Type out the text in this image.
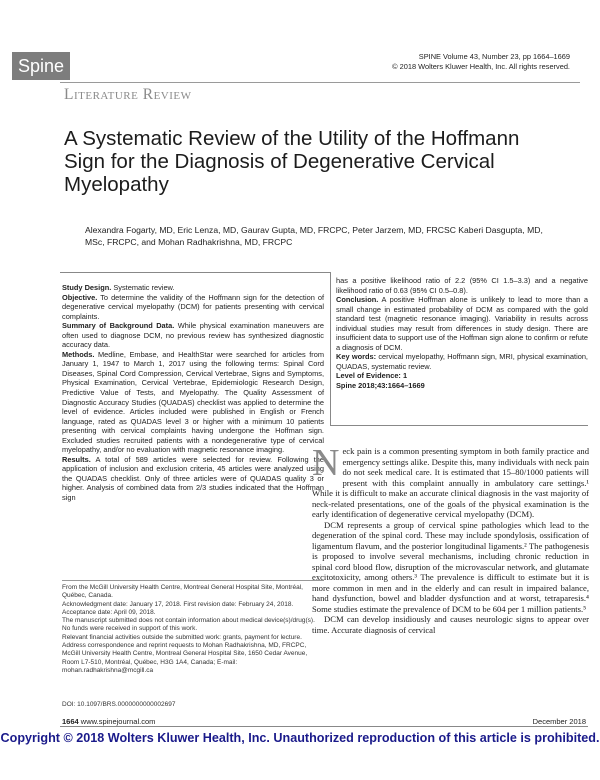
Spine	SPINE Volume 43, Number 23, pp 1664–1669
© 2018 Wolters Kluwer Health, Inc. All rights reserved.
Literature Review
A Systematic Review of the Utility of the Hoffmann Sign for the Diagnosis of Degenerative Cervical Myelopathy
Alexandra Fogarty, MD, Eric Lenza, MD, Gaurav Gupta, MD, FRCPC, Peter Jarzem, MD, FRCSC Kaberi Dasgupta, MD, MSc, FRCPC, and Mohan Radhakrishna, MD, FRCPC

Study Design. Systematic review.

Objective. To determine the validity of the Hoffmann sign for the detection of degenerative cervical myelopathy (DCM) for patients presenting with cervical complaints.

Summary of Background Data. While physical examination maneuvers are often used to diagnose DCM, no previous review has synthesized diagnostic accuracy data.

Methods. Medline, Embase, and HealthStar were searched for articles from January 1, 1947 to March 1, 2017 using the following terms: Spinal Cord Diseases, Spinal Cord Compression, Cervical Vertebrae, Signs and Symptoms, Physical Examination, Cervical Vertebrae, Epidemiologic Research Design, Predictive Value of Tests, and Myelopathy. The Quality Assessment of Diagnostic Accuracy Studies (QUADAS) checklist was applied to determine the level of evidence. Articles included were published in English or French language, rated as QUADAS level 3 or higher with a minimum 10 patients presenting with cervical complaints having undergone the Hoffman sign. Excluded studies recruited patients with a nondegenerative type of cervical myelopathy, and/or no evaluation with magnetic resonance imaging.

Results. A total of 589 articles were selected for review. Following the application of inclusion and exclusion criteria, 45 articles were analyzed using the QUADAS checklist. Only of three articles were of QUADAS quality 3 or higher. Analysis of combined data from 2/3 studies indicated that the Hoffman sign

has a positive likelihood ratio of 2.2 (95% CI 1.5–3.3) and a negative likelihood ratio of 0.63 (95% CI 0.5–0.8).

Conclusion. A positive Hoffman alone is unlikely to lead to more than a small change in estimated probability of DCM as compared with the gold standard test (magnetic resonance imaging). Variability in results across individual studies may result from differences in study design. There are insufficient data to support use of the Hoffman sign alone to confirm or refute a diagnosis of DCM.

Key words: cervical myelopathy, Hoffmann sign, MRI, physical examination, QUADAS, systematic review.

Level of Evidence: 1

Spine 2018;43:1664–1669

From the McGill University Health Centre, Montreal General Hospital Site, Montréal, Québec, Canada.

Acknowledgment date: January 17, 2018. First revision date: February 24, 2018. Acceptance date: April 09, 2018.

The manuscript submitted does not contain information about medical device(s)/drug(s).

No funds were received in support of this work.

Relevant financial activities outside the submitted work: grants, payment for lecture.

Address correspondence and reprint requests to Mohan Radhakrishna, MD, FRCPC, McGill University Health Centre, Montreal General Hospital Site, 1650 Cedar Avenue, Room L7-510, Montréal, Québec, H3G 1A4, Canada; E-mail: mohan.radhakrishna@mcgill.ca

Neck pain is a common presenting symptom in both family practice and emergency settings alike. Despite this, many individuals with neck pain do not seek medical care. It is estimated that 15–80/1000 patients will present with this complaint annually in ambulatory care settings.¹ While it is difficult to make an accurate clinical diagnosis in the vast majority of neck-related presentations, one of the goals of the physical examination is the early identification of degenerative cervical myelopathy (DCM).

DCM represents a group of cervical spine pathologies which lead to the degeneration of the spinal cord. These may include spondylosis, ossification of ligamentum flavum, and the posterior longitudinal ligaments.² The pathogenesis is proposed to involve several mechanisms, including chronic reduction in spinal cord blood flow, disruption of the microvascular network, and glutamate excitotoxicity, among others.³ The prevalence is difficult to estimate but it is more common in men and in the elderly and can result in impaired balance, hand dysfunction, bowel and bladder dysfunction and at worst, tetraparesis.⁴ Some studies estimate the prevalence of DCM to be 604 per 1 million patients.⁵

DCM can develop insidiously and causes neurologic signs to appear over time. Accurate diagnosis of cervical

DOI: 10.1097/BRS.0000000000002697
1664 www.spinejournal.com	December 2018
Copyright © 2018 Wolters Kluwer Health, Inc. Unauthorized reproduction of this article is prohibited.
